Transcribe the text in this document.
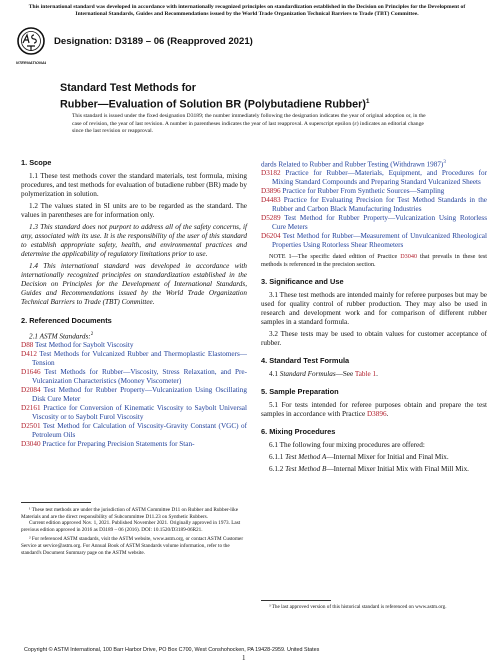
This international standard was developed in accordance with internationally recognized principles on standardization established in the Decision on Principles for the Development of International Standards, Guides and Recommendations issued by the World Trade Organization Technical Barriers to Trade (TBT) Committee.
INTERNATIONAL
Designation: D3189 – 06 (Reapproved 2021)
Standard Test Methods for
Rubber—Evaluation of Solution BR (Polybutadiene Rubber)$^1$
This standard is issued under the fixed designation D3189; the number immediately following the designation indicates the year of original adoption or, in the case of revision, the year of last revision. A number in parentheses indicates the year of last reapproval. A superscript epsilon (ε) indicates an editorial change since the last revision or reapproval.
1. Scope

1.1 These test methods cover the standard materials, test formula, mixing procedures, and test methods for evaluation of butadiene rubber (BR) made by polymerization in solution.

1.2 The values stated in SI units are to be regarded as the standard. The values in parentheses are for information only.

1.3 This standard does not purport to address all of the safety concerns, if any, associated with its use. It is the responsibility of the user of this standard to establish appropriate safety, health, and environmental practices and determine the applicability of regulatory limitations prior to use.

1.4 This international standard was developed in accordance with internationally recognized principles on standardization established in the Decision on Principles for the Development of International Standards, Guides and Recommendations issued by the World Trade Organization Technical Barriers to Trade (TBT) Committee.

2. Referenced Documents

2.1 ASTM Standards:$^2$

D88 Test Method for Saybolt Viscosity

D412 Test Methods for Vulcanized Rubber and Thermoplastic Elastomers—Tension

D1646 Test Methods for Rubber—Viscosity, Stress Relaxation, and Pre-Vulcanization Characteristics (Mooney Viscometer)

D2084 Test Method for Rubber Property—Vulcanization Using Oscillating Disk Cure Meter

D2161 Practice for Conversion of Kinematic Viscosity to Saybolt Universal Viscosity or to Saybolt Furol Viscosity

D2501 Test Method for Calculation of Viscosity-Gravity Constant (VGC) of Petroleum Oils

D3040 Practice for Preparing Precision Statements for Stan-

¹ These test methods are under the jurisdiction of ASTM Committee D11 on Rubber and Rubber-like Materials and are the direct responsibility of Subcommittee D11.23 on Synthetic Rubbers.

Current edition approved Nov. 1, 2021. Published November 2021. Originally approved in 1973. Last previous edition approved in 2016 as D3189 – 06 (2016). DOI: 10.1520/D3189-06R21.

² For referenced ASTM standards, visit the ASTM website, www.astm.org, or contact ASTM Customer Service at service@astm.org. For Annual Book of ASTM Standards volume information, refer to the standard's Document Summary page on the ASTM website.

dards Related to Rubber and Rubber Testing (Withdrawn 1987)$^3$

D3182 Practice for Rubber—Materials, Equipment, and Procedures for Mixing Standard Compounds and Preparing Standard Vulcanized Sheets

D3896 Practice for Rubber From Synthetic Sources—Sampling

D4483 Practice for Evaluating Precision for Test Method Standards in the Rubber and Carbon Black Manufacturing Industries

D5289 Test Method for Rubber Property—Vulcanization Using Rotorless Cure Meters

D6204 Test Method for Rubber—Measurement of Unvulcanized Rheological Properties Using Rotorless Shear Rheometers

NOTE 1—The specific dated edition of Practice D3040 that prevails in these test methods is referenced in the precision section.

3. Significance and Use

3.1 These test methods are intended mainly for referee purposes but may be used for quality control of rubber production. They may also be used in research and development work and for comparison of different rubber samples in a standard formula.

3.2 These tests may be used to obtain values for customer acceptance of rubber.

4. Standard Test Formula

4.1 Standard Formulas—See Table 1.

5. Sample Preparation

5.1 For tests intended for referee purposes obtain and prepare the test samples in accordance with Practice D3896.

6. Mixing Procedures

6.1 The following four mixing procedures are offered:

6.1.1 Test Method A—Internal Mixer for Initial and Final Mix.

6.1.2 Test Method B—Internal Mixer Initial Mix with Final Mill Mix.

³ The last approved version of this historical standard is referenced on www.astm.org.

Copyright © ASTM International, 100 Barr Harbor Drive, PO Box C700, West Conshohocken, PA 19428-2959. United States
1
